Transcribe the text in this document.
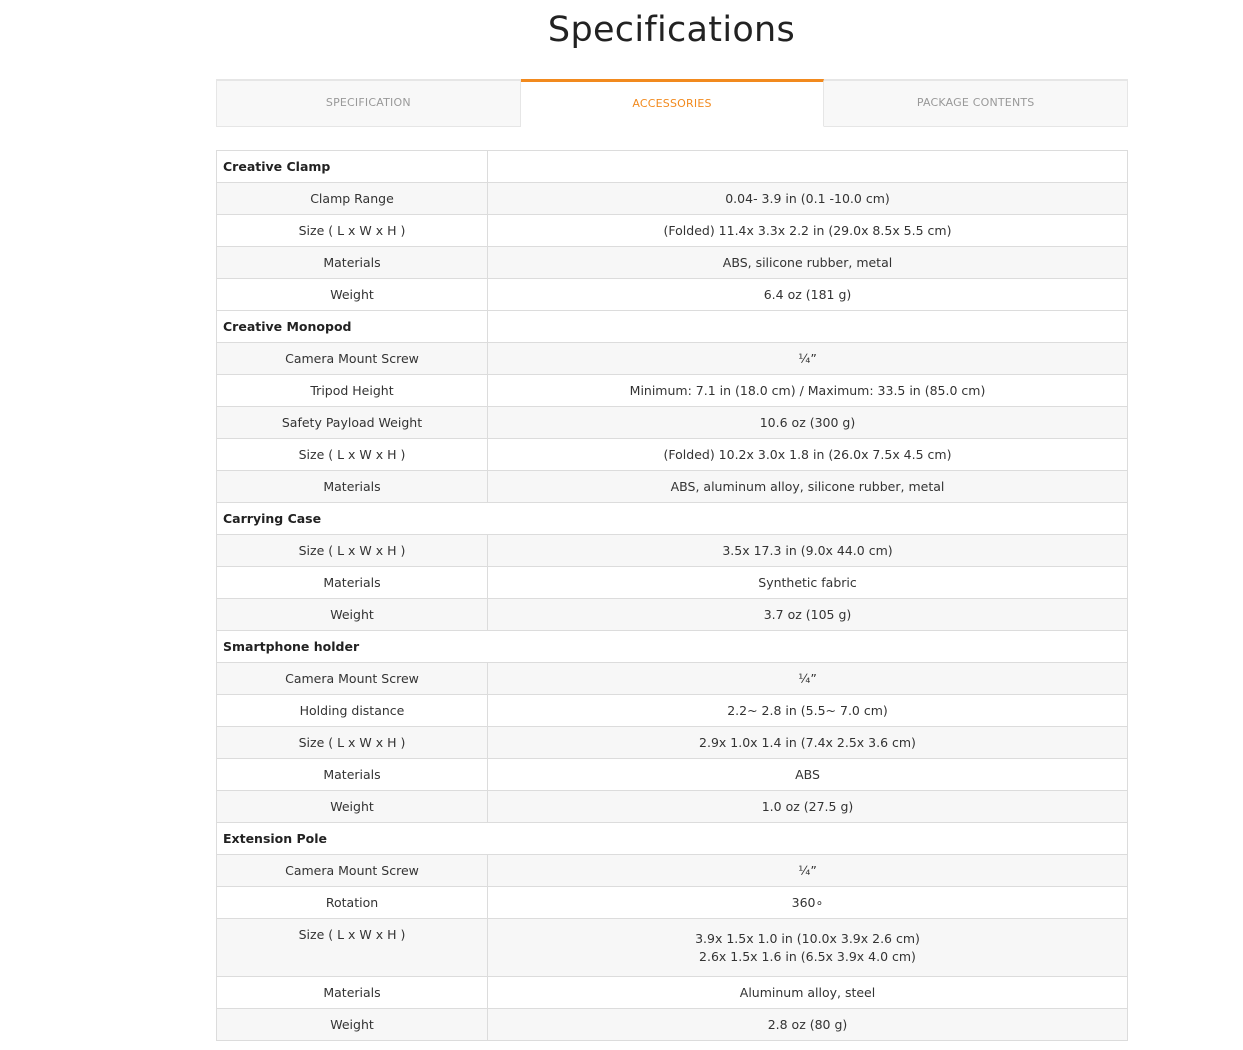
Specifications
SPECIFICATION	ACCESSORIES	PACKAGE CONTENTS
Creative Clamp	
Clamp Range	0.04- 3.9 in (0.1 -10.0 cm)
Size ( L x W x H )	(Folded) 11.4x 3.3x 2.2 in (29.0x 8.5x 5.5 cm)
Materials	ABS, silicone rubber, metal
Weight	6.4 oz (181 g)
Creative Monopod	
Camera Mount Screw	¼”
Tripod Height	Minimum: 7.1 in (18.0 cm) / Maximum: 33.5 in (85.0 cm)
Safety Payload Weight	10.6 oz (300 g)
Size ( L x W x H )	(Folded) 10.2x 3.0x 1.8 in (26.0x 7.5x 4.5 cm)
Materials	ABS, aluminum alloy, silicone rubber, metal
Carrying Case	
Size ( L x W x H )	3.5x 17.3 in (9.0x 44.0 cm)
Materials	Synthetic fabric
Weight	3.7 oz (105 g)
Smartphone holder	
Camera Mount Screw	¼”
Holding distance	2.2~ 2.8 in (5.5~ 7.0 cm)
Size ( L x W x H )	2.9x 1.0x 1.4 in (7.4x 2.5x 3.6 cm)
Materials	ABS
Weight	1.0 oz (27.5 g)
Extension Pole	
Camera Mount Screw	¼”
Rotation	360∘
Size ( L x W x H )	3.9x 1.5x 1.0 in (10.0x 3.9x 2.6 cm)
2.6x 1.5x 1.6 in (6.5x 3.9x 4.0 cm)

Materials	Aluminum alloy, steel
Weight	2.8 oz (80 g)
